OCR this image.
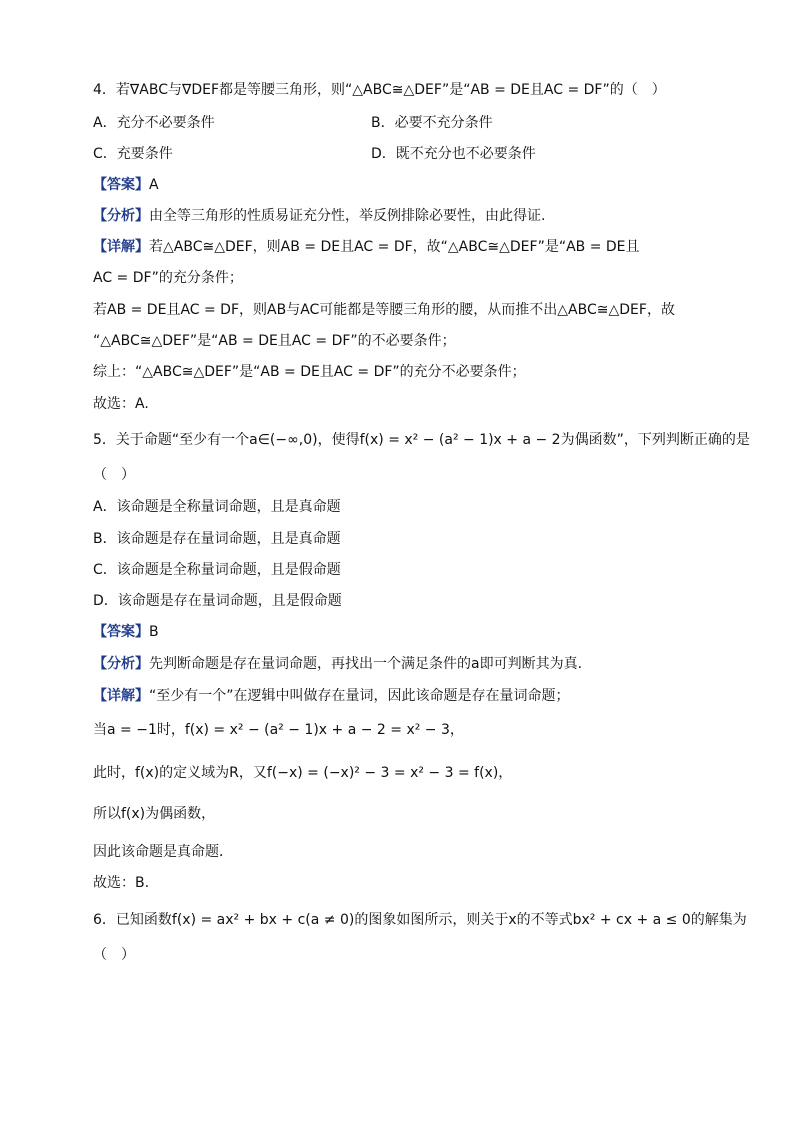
4．若∇ABC与∇DEF都是等腰三角形，则“△ABC≅△DEF”是“AB = DE且AC = DF”的（　）
A．充分不必要条件	B．必要不充分条件
C．充要条件	D．既不充分也不必要条件
【答案】A
【分析】由全等三角形的性质易证充分性，举反例排除必要性，由此得证.
【详解】若△ABC≅△DEF，则AB = DE且AC = DF，故“△ABC≅△DEF”是“AB = DE且
AC = DF”的充分条件；
若AB = DE且AC = DF，则AB与AC可能都是等腰三角形的腰，从而推不出△ABC≅△DEF，故
“△ABC≅△DEF”是“AB = DE且AC = DF”的不必要条件；
综上：“△ABC≅△DEF”是“AB = DE且AC = DF”的充分不必要条件；
故选：A.
5．关于命题“至少有一个a∈(−∞,0)，使得f(x) = x² − (a² − 1)x + a − 2为偶函数”，下列判断正确的是
（　）
A．该命题是全称量词命题，且是真命题
B．该命题是存在量词命题，且是真命题
C．该命题是全称量词命题，且是假命题
D．该命题是存在量词命题，且是假命题
【答案】B
【分析】先判断命题是存在量词命题，再找出一个满足条件的a即可判断其为真.
【详解】“至少有一个”在逻辑中叫做存在量词，因此该命题是存在量词命题；
当a = −1时，f(x) = x² − (a² − 1)x + a − 2 = x² − 3，
此时，f(x)的定义域为R，又f(−x) = (−x)² − 3 = x² − 3 = f(x)，
所以f(x)为偶函数，
因此该命题是真命题．
故选：B.
6．已知函数f(x) = ax² + bx + c(a ≠ 0)的图象如图所示，则关于x的不等式bx² + cx + a ≤ 0的解集为
（　）
